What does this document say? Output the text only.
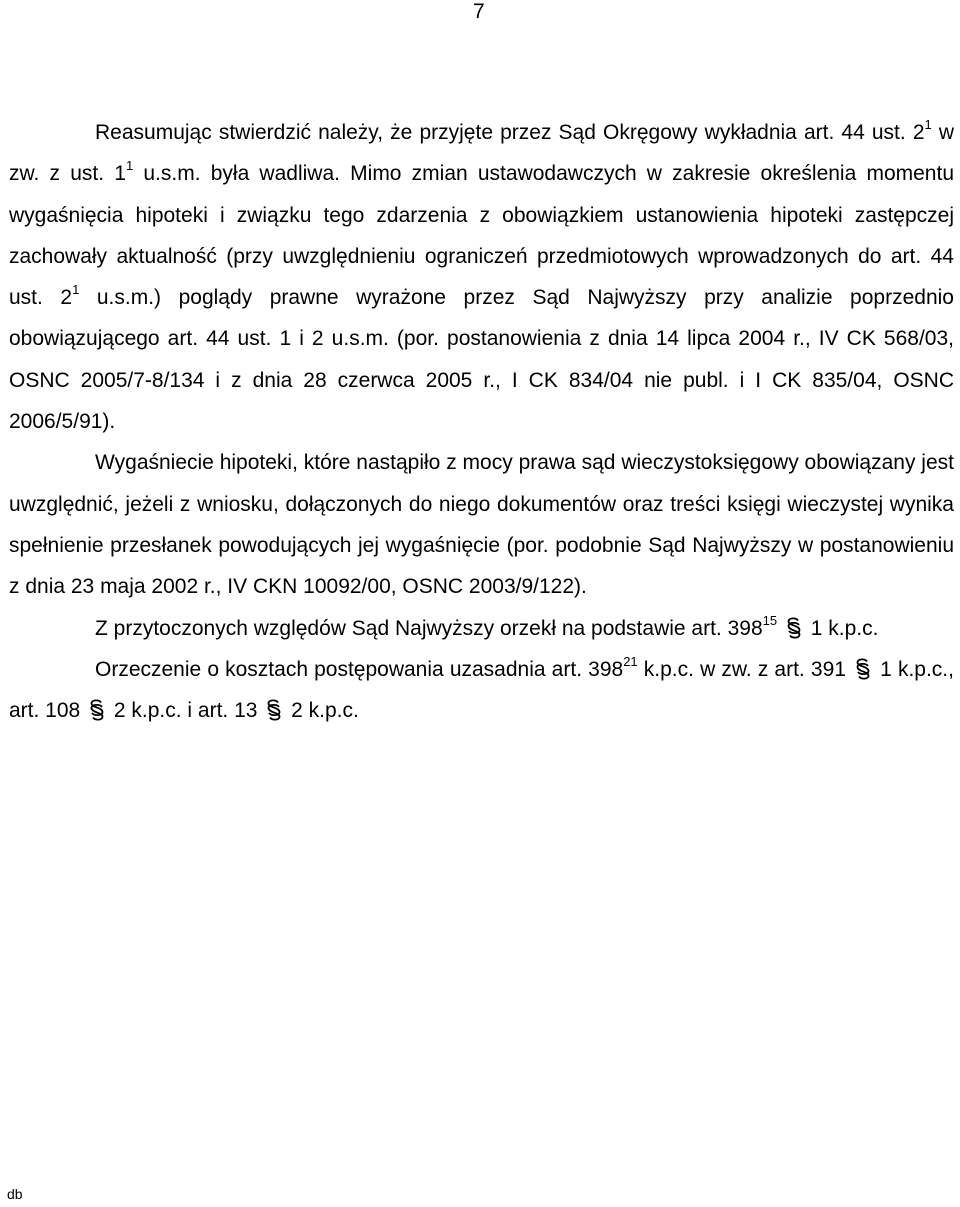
7

Reasumując stwierdzić należy, że przyjęte przez Sąd Okręgowy wykładnia art. 44 ust. $2^1$ w zw. z ust. $1^1$ u.s.m. była wadliwa. Mimo zmian ustawodawczych w zakresie określenia momentu wygaśnięcia hipoteki i związku tego zdarzenia z obowiązkiem ustanowienia hipoteki zastępczej zachowały aktualność (przy uwzględnieniu ograniczeń przedmiotowych wprowadzonych do art. 44 ust. $2^1$ u.s.m.) poglądy prawne wyrażone przez Sąd Najwyższy przy analizie poprzednio obowiązującego art. 44 ust. 1 i 2 u.s.m. (por. postanowienia z dnia 14 lipca 2004 r., IV CK 568/03, OSNC 2005/7-8/134 i z dnia 28 czerwca 2005 r., I CK 834/04 nie publ. i I CK 835/04, OSNC 2006/5/91).

Wygaśniecie hipoteki, które nastąpiło z mocy prawa sąd wieczystoksięgowy obowiązany jest uwzględnić, jeżeli z wniosku, dołączonych do niego dokumentów oraz treści księgi wieczystej wynika spełnienie przesłanek powodujących jej wygaśnięcie (por. podobnie Sąd Najwyższy w postanowieniu z dnia 23 maja 2002 r., IV CKN 10092/00, OSNC 2003/9/122).

Z przytoczonych względów Sąd Najwyższy orzekł na podstawie art. $398^{15}$
1 k.p.c.

Orzeczenie o kosztach postępowania uzasadnia art. $398^{21}$ k.p.c. w zw. z art. 391
1 k.p.c., art. 108
2 k.p.c. i art. 13
2 k.p.c.

db
